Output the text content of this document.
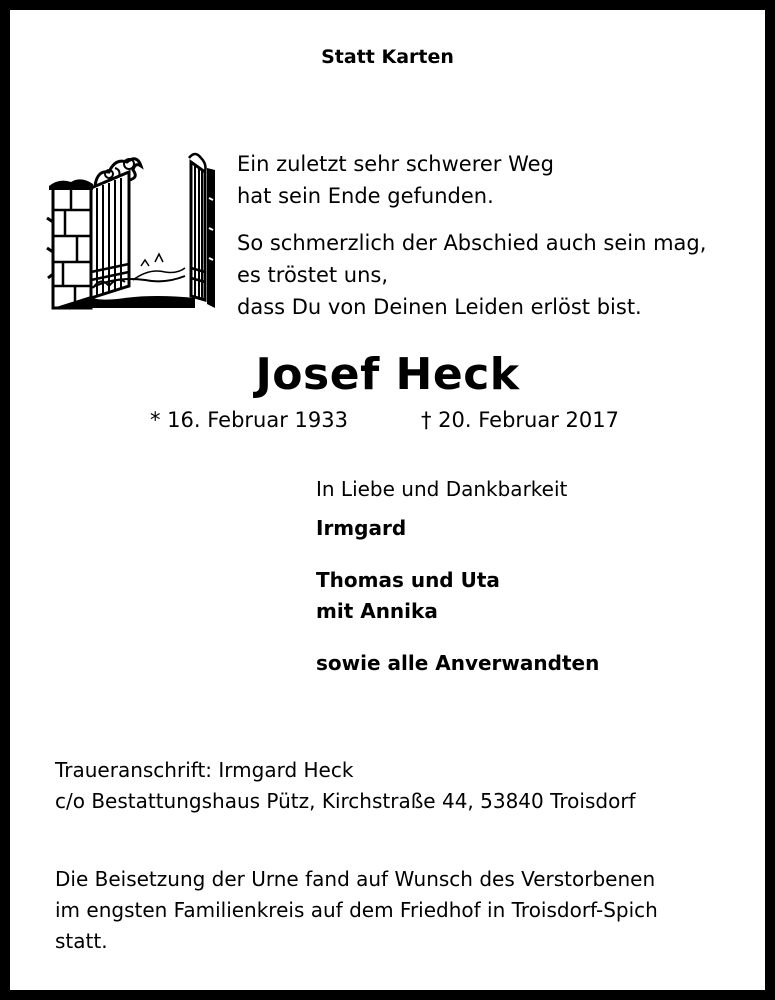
Statt Karten

Ein zuletzt sehr schwerer Weg

hat sein Ende gefunden.

So schmerzlich der Abschied auch sein mag,

es tröstet uns,

dass Du von Deinen Leiden erlöst bist.

Josef Heck

* 16. Februar 1933	† 20. Februar 2017

In Liebe und Dankbarkeit

Irmgard

Thomas und Uta

mit Annika

sowie alle Anverwandten

Traueranschrift: Irmgard Heck

c/o Bestattungshaus Pütz, Kirchstraße 44, 53840 Troisdorf

Die Beisetzung der Urne fand auf Wunsch des Verstorbenen

im engsten Familienkreis auf dem Friedhof in Troisdorf-Spich

statt.
